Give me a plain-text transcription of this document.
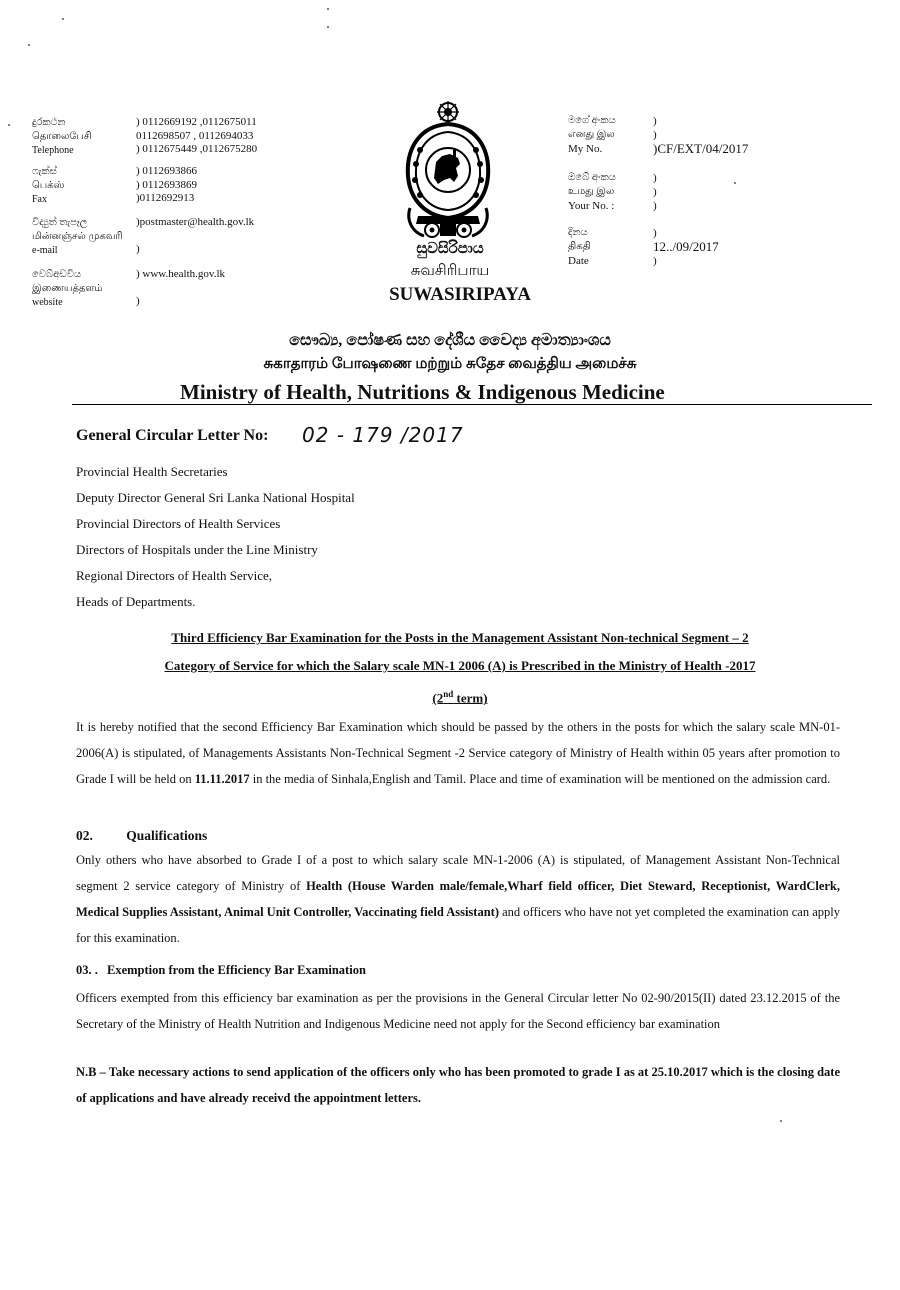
දුරකථන
தொலைபேசி
Telephone
) 0112669192 ,0112675011
0112698507 , 0112694033
) 0112675449 ,0112675280
ෆැක්ස්
பெக்ஸ்
Fax
) 0112693866
) 0112693869
)0112692913
විද්‍යුත් තැපෑල
மின்னஞ்சல் முகவரி
e-mail
)postmaster@health.gov.lk
)
වෙබ්අඩවිය
இணையத்தளம்
website
) www.health.gov.lk
)
සුවසිරිපාය
சுவசிரிபாய
SUWASIRIPAYA
මගේ අංකය
எனது இல
My No.
)
)
)CF/EXT/04/2017
ඔබේ අංකය
உமது இல
Your No. :
)
)
)
දිනය
திகதி
Date
)
12../09/2017
)
සෞඛ්‍ය, පෝෂණ සහ දේශීය වෛද්‍ය අමාත්‍යාංශය
சுகாதாரம் போஷணை மற்றும் சுதேச வைத்திய அமைச்சு
Ministry of Health, Nutritions & Indigenous Medicine
General Circular Letter No: 02 - 179 /2017
Provincial Health Secretaries
Deputy Director General Sri Lanka National Hospital
Provincial Directors of Health Services
Directors of Hospitals under the Line Ministry
Regional Directors of Health Service,
Heads of Departments.
Third Efficiency Bar Examination for the Posts in the Management Assistant Non-technical Segment – 2
Category of Service for which the Salary scale MN-1 2006 (A) is Prescribed in the Ministry of Health -2017
(2nd term)
It is hereby notified that the second Efficiency Bar Examination which should be passed by the others in the posts for which the salary scale MN-01-2006(A) is stipulated, of Managements Assistants Non-Technical Segment -2 Service category of Ministry of Health within 05 years after promotion to Grade I will be held on 11.11.2017 in the media of Sinhala,English and Tamil. Place and time of examination will be mentioned on the admission card.
02. Qualifications
Only others who have absorbed to Grade I of a post to which salary scale MN-1-2006 (A) is stipulated, of Management Assistant Non-Technical segment 2 service category of Ministry of Health (House Warden male/female,Wharf field officer, Diet Steward, Receptionist, WardClerk, Medical Supplies Assistant, Animal Unit Controller, Vaccinating field Assistant) and officers who have not yet completed the examination can apply for this examination.
03. . Exemption from the Efficiency Bar Examination
Officers exempted from this efficiency bar examination as per the provisions in the General Circular letter No 02-90/2015(II) dated 23.12.2015 of the Secretary of the Ministry of Health Nutrition and Indigenous Medicine need not apply for the Second efficiency bar examination
N.B – Take necessary actions to send application of the officers only who has been promoted to grade I as at 25.10.2017 which is the closing date of applications and have already receivd the appointment letters.
